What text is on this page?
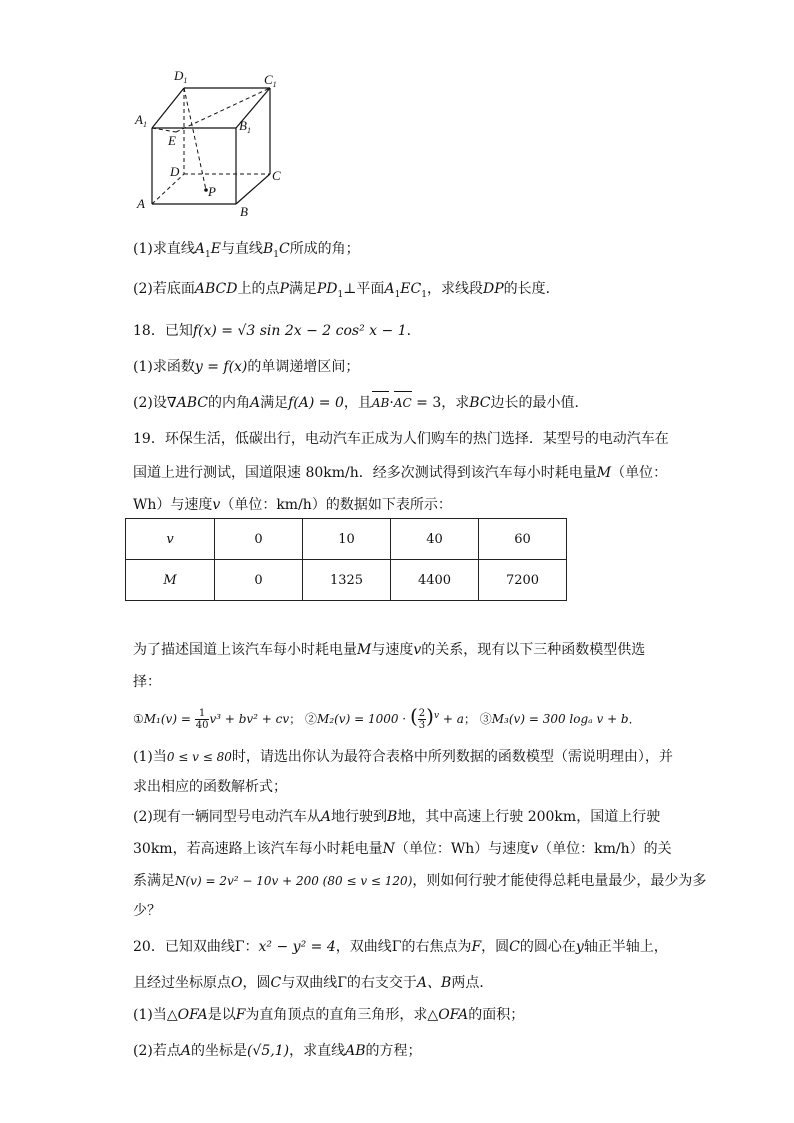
$D_1$	$C_1$
$A_1$	$B_1$
E
D	C
P
A
B
(1)求直线$A_1E$与直线$B_1C$所成的角；
(2)若底面ABCD上的点P满足$PD_1\perp$平面$A_1EC_1$，求线段DP的长度．
18．已知f(x) = √3 sin 2x − 2 cos² x − 1．
(1)求函数y = f(x)的单调递增区间；
(2)设∇ABC的内角A满足f(A) = 0，且AB·AC = 3，求BC边长的最小值．
19．环保生活，低碳出行，电动汽车正成为人们购车的热门选择．某型号的电动汽车在
国道上进行测试，国道限速 80km/h．经多次测试得到该汽车每小时耗电量M（单位：
Wh）与速度v（单位：km/h）的数据如下表所示：
v	0	10	40	60
M	0	1325	4400	7200
为了描述国道上该汽车每小时耗电量M与速度v的关系，现有以下三种函数模型供选
择：
①M₁(v) = $\frac{1}{40} v^3 + bv^2$ + cv； ②M₂(v) = 1000 · ( $\frac{2}{3} )^v + a$； ③M₃(v) = 300 logₐ v + b．
(1)当0 ≤ v ≤ 80时，请选出你认为最符合表格中所列数据的函数模型（需说明理由），并
求出相应的函数解析式；
(2)现有一辆同型号电动汽车从A地行驶到B地，其中高速上行驶 200km，国道上行驶
30km，若高速路上该汽车每小时耗电量N（单位：Wh）与速度v（单位：km/h）的关
系满足N(v) = 2v² − 10v + 200 (80 ≤ v ≤ 120)，则如何行驶才能使得总耗电量最少，最少为多
少？
20．已知双曲线Γ：x² − y² = 4，双曲线Γ的右焦点为F，圆C的圆心在y轴正半轴上，
且经过坐标原点O，圆C与双曲线Γ的右支交于A、B两点．
(1)当△OFA是以F为直角顶点的直角三角形，求△OFA的面积；
(2)若点A的坐标是(√5,1)，求直线AB的方程；
